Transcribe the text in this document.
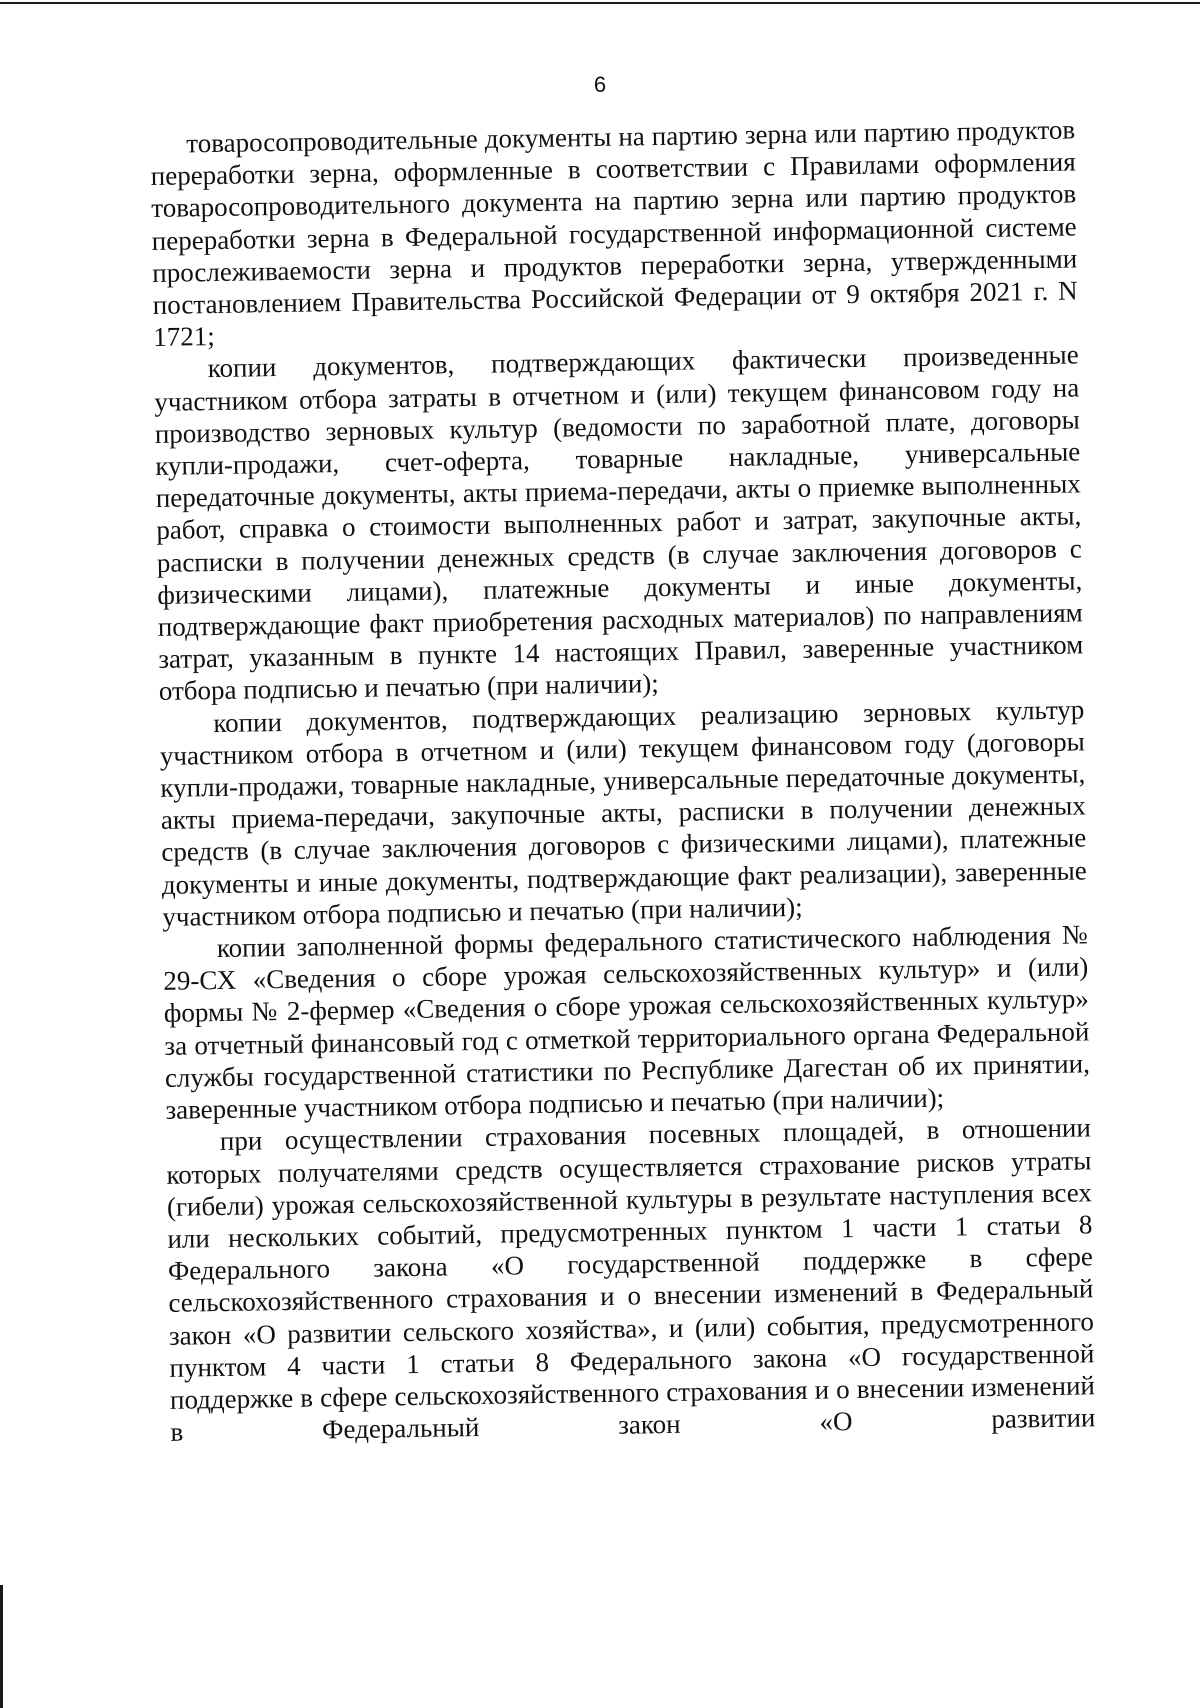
6

товаросопроводительные документы на партию зерна или партию продуктов переработки зерна, оформленные в соответствии с Правилами оформления товаросопроводительного документа на партию зерна или партию продуктов переработки зерна в Федеральной государственной информационной системе прослеживаемости зерна и продуктов переработки зерна, утвержденными постановлением Правительства Российской Федерации от 9 октября 2021 г. N 1721;

копии документов, подтверждающих фактически произведенные участником отбора затраты в отчетном и (или) текущем финансовом году на производство зерновых культур (ведомости по заработной плате, договоры купли-продажи, счет-оферта, товарные накладные, универсальные передаточные документы, акты приема-передачи, акты о приемке выполненных работ, справка о стоимости выполненных работ и затрат, закупочные акты, расписки в получении денежных средств (в случае заключения договоров с физическими лицами), платежные документы и иные документы, подтверждающие факт приобретения расходных материалов) по направлениям затрат, указанным в пункте 14 настоящих Правил, заверенные участником отбора подписью и печатью (при наличии);

копии документов, подтверждающих реализацию зерновых культур участником отбора в отчетном и (или) текущем финансовом году (договоры купли-продажи, товарные накладные, универсальные передаточные документы, акты приема-передачи, закупочные акты, расписки в получении денежных средств (в случае заключения договоров с физическими лицами), платежные документы и иные документы, подтверждающие факт реализации), заверенные участником отбора подписью и печатью (при наличии);

копии заполненной формы федерального статистического наблюдения № 29-СХ «Сведения о сборе урожая сельскохозяйственных культур» и (или) формы № 2-фермер «Сведения о сборе урожая сельскохозяйственных культур» за отчетный финансовый год с отметкой территориального органа Федеральной службы государственной статистики по Республике Дагестан об их принятии, заверенные участником отбора подписью и печатью (при наличии);

при осуществлении страхования посевных площадей, в отношении которых получателями средств осуществляется страхование рисков утраты (гибели) урожая сельскохозяйственной культуры в результате наступления всех или нескольких событий, предусмотренных пунктом 1 части 1 статьи 8 Федерального закона «О государственной поддержке в сфере сельскохозяйственного страхования и о внесении изменений в Федеральный закон «О развитии сельского хозяйства», и (или) события, предусмотренного пунктом 4 части 1 статьи 8 Федерального закона «О государственной поддержке в сфере сельскохозяйственного страхования и о внесении изменений в Федеральный закон «О развитии
